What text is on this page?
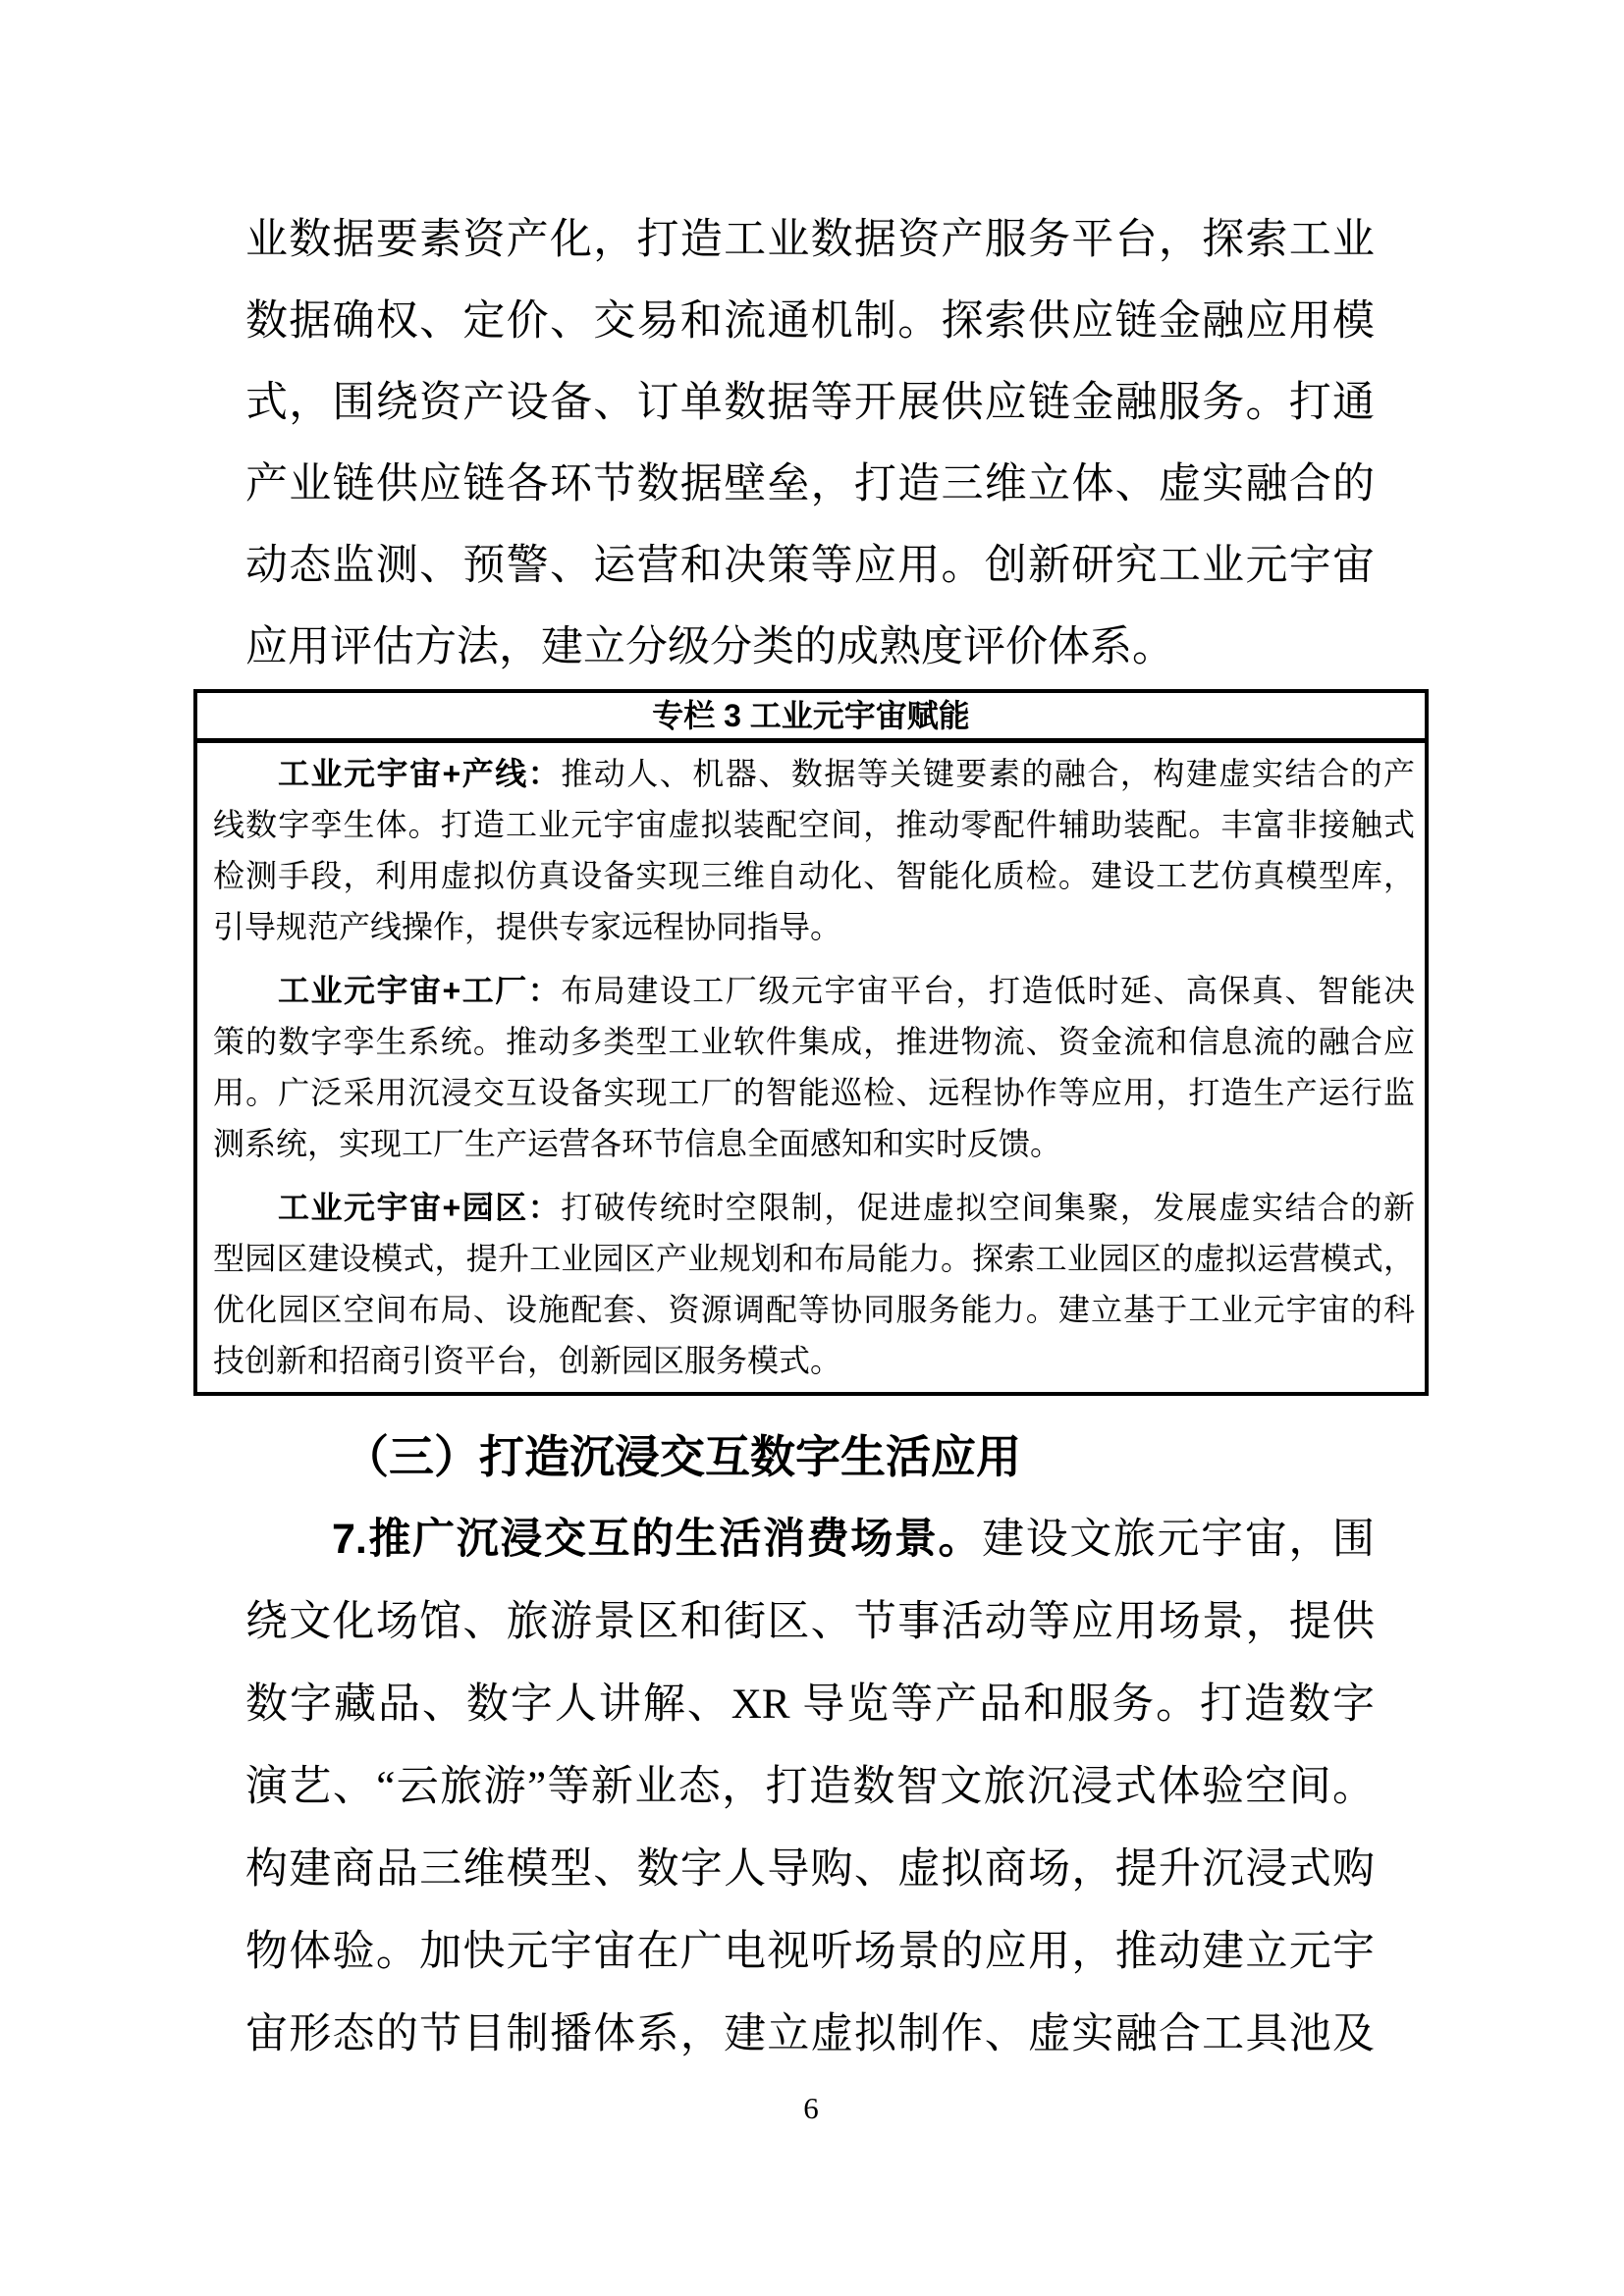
业数据要素资产化，打造工业数据资产服务平台，探索工业
数据确权、定价、交易和流通机制。探索供应链金融应用模
式，围绕资产设备、订单数据等开展供应链金融服务。打通
产业链供应链各环节数据壁垒，打造三维立体、虚实融合的
动态监测、预警、运营和决策等应用。创新研究工业元宇宙
应用评估方法，建立分级分类的成熟度评价体系。
专栏 3 工业元宇宙赋能
工业元宇宙+产线：推动人、机器、数据等关键要素的融合，构建虚实结合的产
线数字孪生体。打造工业元宇宙虚拟装配空间，推动零配件辅助装配。丰富非接触式
检测手段，利用虚拟仿真设备实现三维自动化、智能化质检。建设工艺仿真模型库，
引导规范产线操作，提供专家远程协同指导。
工业元宇宙+工厂：布局建设工厂级元宇宙平台，打造低时延、高保真、智能决
策的数字孪生系统。推动多类型工业软件集成，推进物流、资金流和信息流的融合应
用。广泛采用沉浸交互设备实现工厂的智能巡检、远程协作等应用，打造生产运行监
测系统，实现工厂生产运营各环节信息全面感知和实时反馈。
工业元宇宙+园区：打破传统时空限制，促进虚拟空间集聚，发展虚实结合的新
型园区建设模式，提升工业园区产业规划和布局能力。探索工业园区的虚拟运营模式，
优化园区空间布局、设施配套、资源调配等协同服务能力。建立基于工业元宇宙的科
技创新和招商引资平台，创新园区服务模式。
（三）打造沉浸交互数字生活应用
7.推广沉浸交互的生活消费场景。建设文旅元宇宙，围
绕文化场馆、旅游景区和街区、节事活动等应用场景，提供
数字藏品、数字人讲解、XR 导览等产品和服务。打造数字
演艺、“云旅游”等新业态，打造数智文旅沉浸式体验空间。
构建商品三维模型、数字人导购、虚拟商场，提升沉浸式购
物体验。加快元宇宙在广电视听场景的应用，推动建立元宇
宙形态的节目制播体系，建立虚拟制作、虚实融合工具池及
6
